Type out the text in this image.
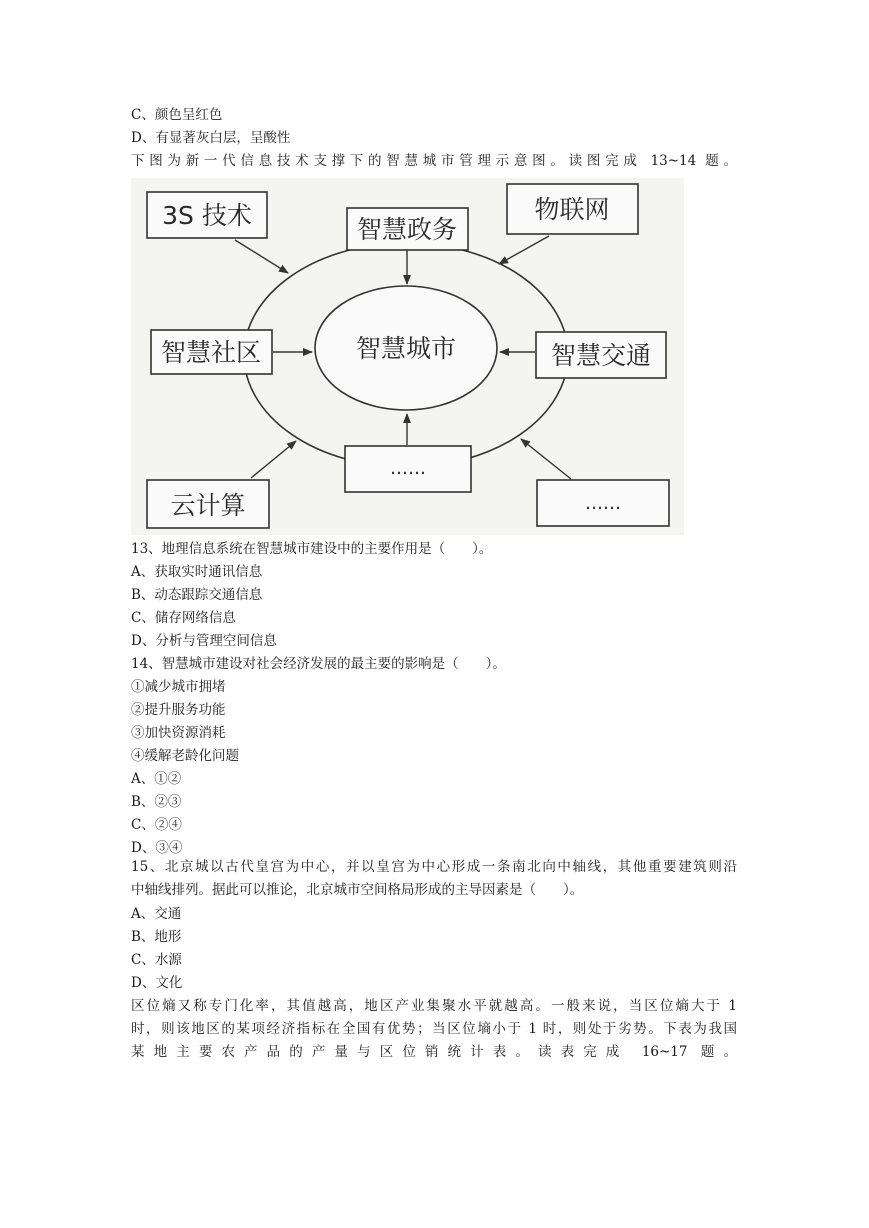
C、颜色呈红色
D、有显著灰白层，呈酸性
下图为新一代信息技术支撑下的智慧城市管理示意图。读图完成 13~14 题。
智慧城市
智慧政务
智慧社区	智慧交通
……
3S 技术	物联网
云计算	……
13、地理信息系统在智慧城市建设中的主要作用是（　　）。
A、获取实时通讯信息
B、动态跟踪交通信息
C、储存网络信息
D、分析与管理空间信息
14、智慧城市建设对社会经济发展的最主要的影响是（　　）。
①减少城市拥堵
②提升服务功能
③加快资源消耗
④缓解老龄化问题
A、①②
B、②③
C、②④
D、③④
15、北京城以古代皇宫为中心，并以皇宫为中心形成一条南北向中轴线，其他重要建筑则沿
中轴线排列。据此可以推论，北京城市空间格局形成的主导因素是（　　）。
A、交通
B、地形
C、水源
D、文化
区位熵又称专门化率，其值越高，地区产业集聚水平就越高。一般来说，当区位熵大于 1
时，则该地区的某项经济指标在全国有优势；当区位墒小于 1 时，则处于劣势。下表为我国
某地主要农产品的产量与区位销统计表。读表完成 16~17 题。
